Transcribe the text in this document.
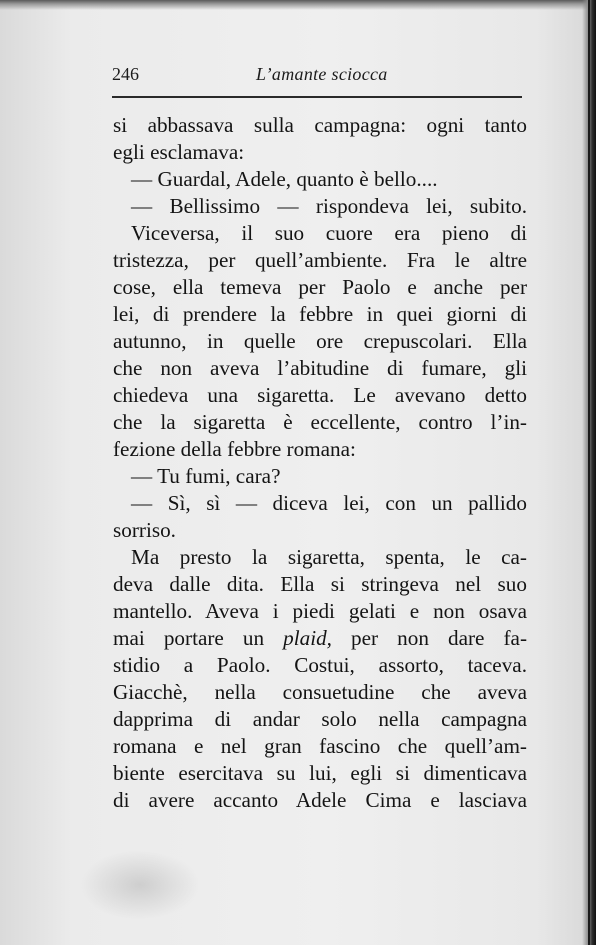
246	L’amante sciocca
si abbassava sulla campagna: ogni tanto
egli esclamava:
— Guardal, Adele, quanto è bello....
— Bellissimo — rispondeva lei, subito.
Viceversa, il suo cuore era pieno di
tristezza, per quell’ambiente. Fra le altre
cose, ella temeva per Paolo e anche per
lei, di prendere la febbre in quei giorni di
autunno, in quelle ore crepuscolari. Ella
che non aveva l’abitudine di fumare, gli
chiedeva una sigaretta. Le avevano detto
che la sigaretta è eccellente, contro l’in-
fezione della febbre romana:
— Tu fumi, cara?
— Sì, sì — diceva lei, con un pallido
sorriso.
Ma presto la sigaretta, spenta, le ca-
deva dalle dita. Ella si stringeva nel suo
mantello. Aveva i piedi gelati e non osava
mai portare un plaid, per non dare fa-
stidio a Paolo. Costui, assorto, taceva.
Giacchè, nella consuetudine che aveva
dapprima di andar solo nella campagna
romana e nel gran fascino che quell’am-
biente esercitava su lui, egli si dimenticava
di avere accanto Adele Cima e lasciava
